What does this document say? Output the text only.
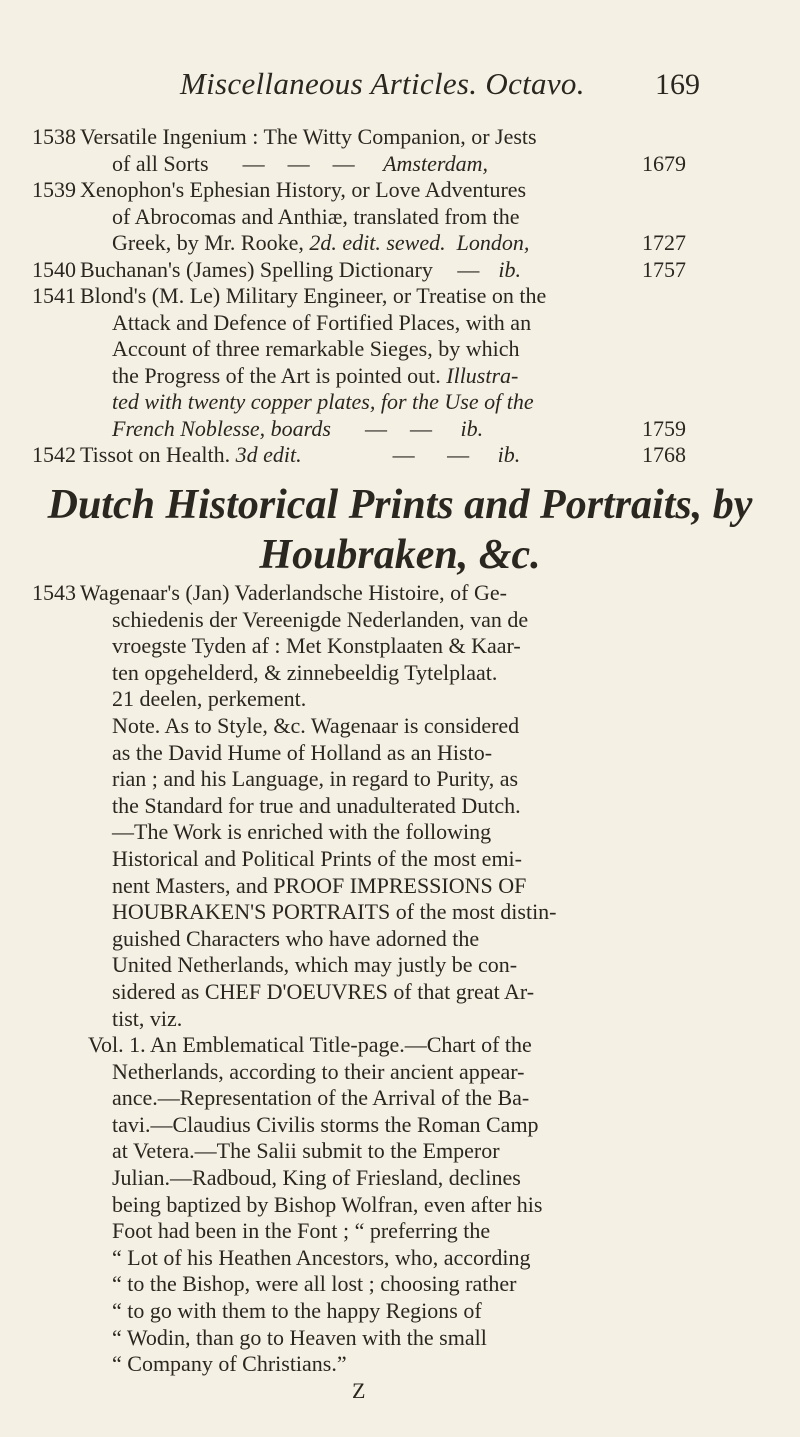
Miscellaneous Articles. Octavo.	169
1538 Versatile Ingenium : The Witty Companion, or Jests
of all Sorts    —  —  —   Amsterdam,	1679
1539 Xenophon's Ephesian History, or Love Adventures
of Abrocomas and Anthiæ, translated from the
Greek, by Mr. Rooke, 2d. edit. sewed. London,	1727
1540 Buchanan's (James) Spelling Dictionary   —  ib.	1757
1541 Blond's (M. Le) Military Engineer, or Treatise on the
Attack and Defence of Fortified Places, with an
Account of three remarkable Sieges, by which
the Progress of the Art is pointed out. Illustra-
ted with twenty copper plates, for the Use of the
French Noblesse, boards    —  —   ib.	1759
1542 Tissot on Health. 3d edit.          —   —   ib.	1768
Dutch Historical Prints and Portraits, by
Houbraken, &c.
1543 Wagenaar's (Jan) Vaderlandsche Histoire, of Ge-
schiedenis der Vereenigde Nederlanden, van de
vroegste Tyden af : Met Konstplaaten & Kaar-
ten opgehelderd, & zinnebeeldig Tytelplaat.
21 deelen, perkement.
Note. As to Style, &c. Wagenaar is considered
as the David Hume of Holland as an Histo-
rian ; and his Language, in regard to Purity, as
the Standard for true and unadulterated Dutch.
—The Work is enriched with the following
Historical and Political Prints of the most emi-
nent Masters, and PROOF IMPRESSIONS OF
HOUBRAKEN'S PORTRAITS of the most distin-
guished Characters who have adorned the
United Netherlands, which may justly be con-
sidered as CHEF D'OEUVRES of that great Ar-
tist, viz.
Vol. 1. An Emblematical Title-page.—Chart of the
Netherlands, according to their ancient appear-
ance.—Representation of the Arrival of the Ba-
tavi.—Claudius Civilis storms the Roman Camp
at Vetera.—The Salii submit to the Emperor
Julian.—Radboud, King of Friesland, declines
being baptized by Bishop Wolfran, even after his
Foot had been in the Font ; “ preferring the
“ Lot of his Heathen Ancestors, who, according
“ to the Bishop, were all lost ; choosing rather
“ to go with them to the happy Regions of
“ Wodin, than go to Heaven with the small
“ Company of Christians.”
Z
